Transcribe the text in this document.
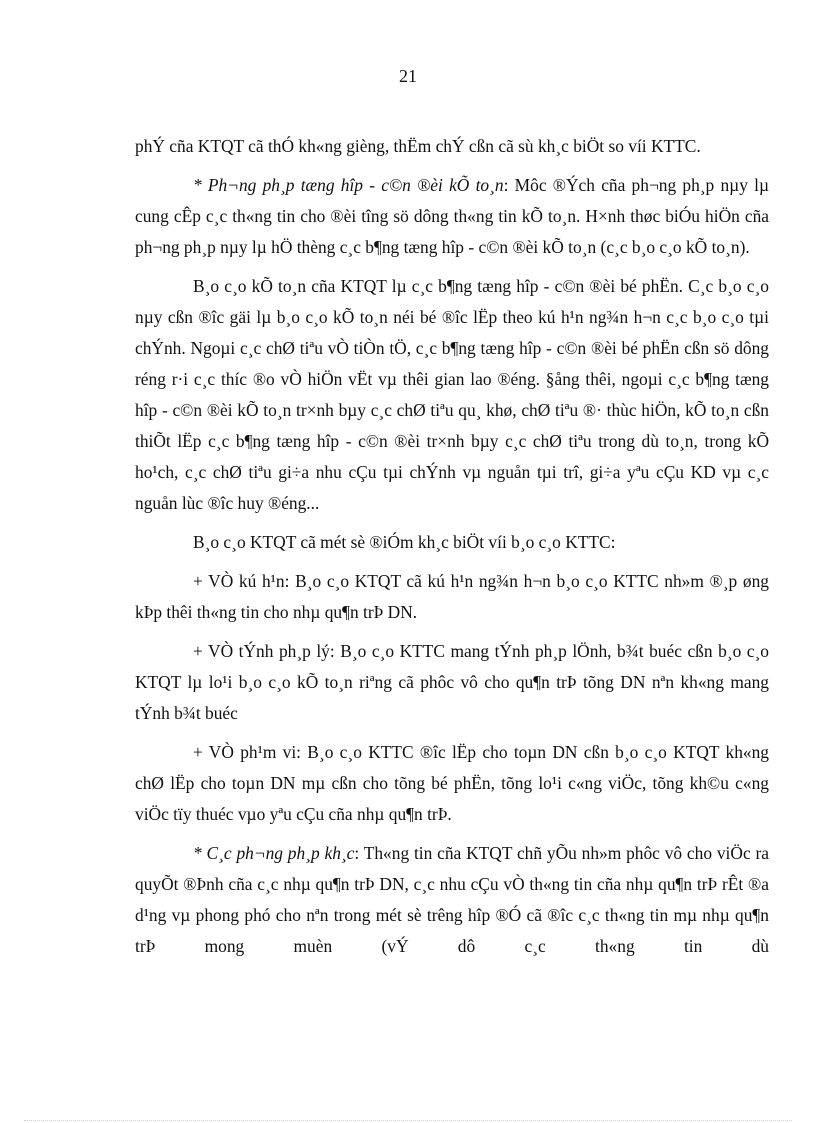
21

phÝ cña KTQT cã thÓ kh«ng gièng, thËm chÝ cßn cã sù kh¸c biÖt so víi KTTC.

* Ph¬ng ph¸p tæng hîp - c©n ®èi kÕ to¸n: Môc ®Ých cña ph¬ng ph¸p nµy lµ cung cÊp c¸c th«ng tin cho ®èi tîng sö dông th«ng tin kÕ to¸n. H×nh thøc biÓu hiÖn cña ph¬ng ph¸p nµy lµ hÖ thèng c¸c b¶ng tæng hîp - c©n ®èi kÕ to¸n (c¸c b¸o c¸o kÕ to¸n).

B¸o c¸o kÕ to¸n cña KTQT lµ c¸c b¶ng tæng hîp - c©n ®èi bé phËn. C¸c b¸o c¸o nµy cßn ®îc gäi lµ b¸o c¸o kÕ to¸n néi bé ®îc lËp theo kú h¹n ng¾n h¬n c¸c b¸o c¸o tµi chÝnh. Ngoµi c¸c chØ tiªu vÒ tiÒn tÖ, c¸c b¶ng tæng hîp - c©n ®èi bé phËn cßn sö dông réng r·i c¸c thíc ®o vÒ hiÖn vËt vµ thêi gian lao ®éng. §ång thêi, ngoµi c¸c b¶ng tæng hîp - c©n ®èi kÕ to¸n tr×nh bµy c¸c chØ tiªu qu¸ khø, chØ tiªu ®· thùc hiÖn, kÕ to¸n cßn thiÕt lËp c¸c b¶ng tæng hîp - c©n ®èi tr×nh bµy c¸c chØ tiªu trong dù to¸n, trong kÕ ho¹ch, c¸c chØ tiªu gi÷a nhu cÇu tµi chÝnh vµ nguån tµi trî, gi÷a yªu cÇu KD vµ c¸c nguån lùc ®îc huy ®éng...

B¸o c¸o KTQT cã mét sè ®iÓm kh¸c biÖt víi b¸o c¸o KTTC:

+ VÒ kú h¹n: B¸o c¸o KTQT cã kú h¹n ng¾n h¬n b¸o c¸o KTTC nh»m ®¸p øng kÞp thêi th«ng tin cho nhµ qu¶n trÞ DN.

+ VÒ tÝnh ph¸p lý: B¸o c¸o KTTC mang tÝnh ph¸p lÖnh, b¾t buéc cßn b¸o c¸o KTQT lµ lo¹i b¸o c¸o kÕ to¸n riªng cã phôc vô cho qu¶n trÞ tõng DN nªn kh«ng mang tÝnh b¾t buéc

+ VÒ ph¹m vi: B¸o c¸o KTTC ®îc lËp cho toµn DN cßn b¸o c¸o KTQT kh«ng chØ lËp cho toµn DN mµ cßn cho tõng bé phËn, tõng lo¹i c«ng viÖc, tõng kh©u c«ng viÖc tïy thuéc vµo yªu cÇu cña nhµ qu¶n trÞ.

* C¸c ph¬ng ph¸p kh¸c: Th«ng tin cña KTQT chñ yÕu nh»m phôc vô cho viÖc ra quyÕt ®Þnh cña c¸c nhµ qu¶n trÞ DN, c¸c nhu cÇu vÒ th«ng tin cña nhµ qu¶n trÞ rÊt ®a d¹ng vµ phong phó cho nªn trong mét sè trêng hîp ®Ó cã ®îc c¸c th«ng tin mµ nhµ qu¶n trÞ mong muèn (vÝ dô c¸c th«ng tin dù
